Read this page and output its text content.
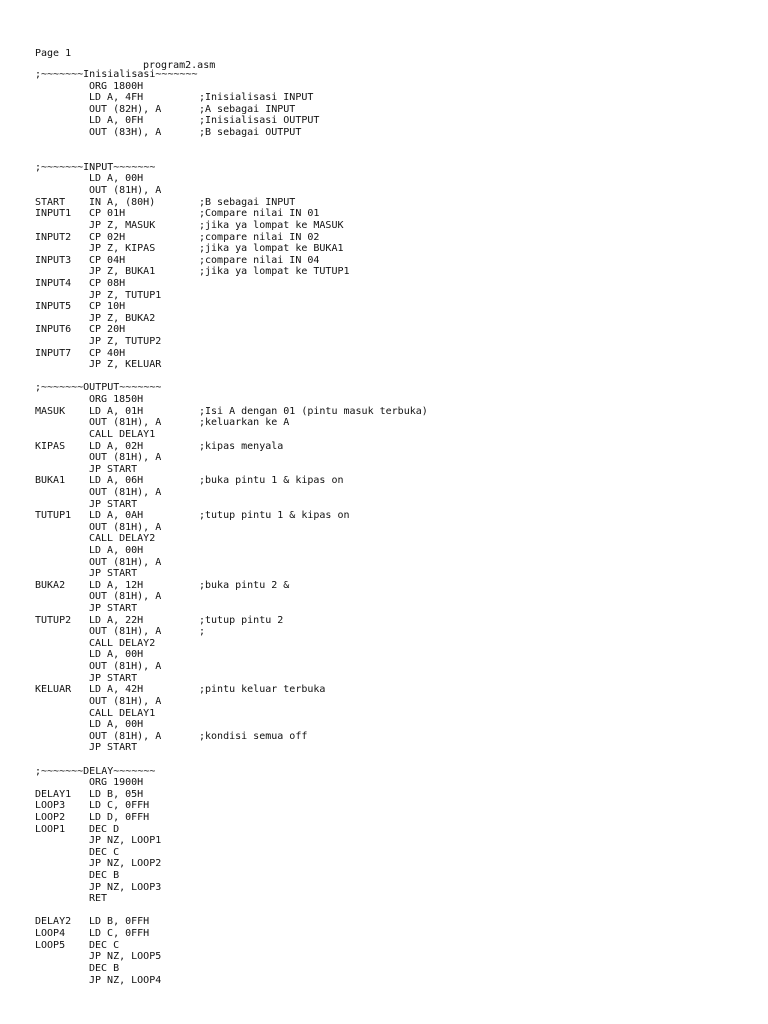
Page 1

program2.asm

;~~~~~~~Inisialisasi~~~~~~~
ORG 1800H
LD A, 4FH	;Inisialisasi INPUT
OUT (82H), A	;A sebagai INPUT
LD A, 0FH	;Inisialisasi OUTPUT
OUT (83H), A	;B sebagai OUTPUT
;~~~~~~~INPUT~~~~~~~
LD A, 00H
OUT (81H), A
START IN A, (80H)	;B sebagai INPUT
INPUT1 CP 01H	;Compare nilai IN 01
JP Z, MASUK	;jika ya lompat ke MASUK
INPUT2 CP 02H	;compare nilai IN 02
JP Z, KIPAS	;jika ya lompat ke BUKA1
INPUT3 CP 04H	;compare nilai IN 04
JP Z, BUKA1	;jika ya lompat ke TUTUP1
INPUT4 CP 08H
JP Z, TUTUP1
INPUT5 CP 10H
JP Z, BUKA2
INPUT6 CP 20H
JP Z, TUTUP2
INPUT7 CP 40H
JP Z, KELUAR
;~~~~~~~OUTPUT~~~~~~~
ORG 1850H
MASUK LD A, 01H	;Isi A dengan 01 (pintu masuk terbuka)
OUT (81H), A	;keluarkan ke A
CALL DELAY1
KIPAS LD A, 02H	;kipas menyala
OUT (81H), A
JP START
BUKA1 LD A, 06H	;buka pintu 1 & kipas on
OUT (81H), A
JP START
TUTUP1 LD A, 0AH	;tutup pintu 1 & kipas on
OUT (81H), A
CALL DELAY2
LD A, 00H
OUT (81H), A
JP START
BUKA2 LD A, 12H	;buka pintu 2 &
OUT (81H), A
JP START
TUTUP2 LD A, 22H	;tutup pintu 2
OUT (81H), A	;
CALL DELAY2
LD A, 00H
OUT (81H), A
JP START
KELUAR LD A, 42H	;pintu keluar terbuka
OUT (81H), A
CALL DELAY1
LD A, 00H
OUT (81H), A	;kondisi semua off
JP START
;~~~~~~~DELAY~~~~~~~
ORG 1900H
DELAY1 LD B, 05H
LOOP3 LD C, 0FFH
LOOP2 LD D, 0FFH
LOOP1 DEC D
JP NZ, LOOP1
DEC C
JP NZ, LOOP2
DEC B
JP NZ, LOOP3
RET
DELAY2 LD B, 0FFH
LOOP4 LD C, 0FFH
LOOP5 DEC C
JP NZ, LOOP5
DEC B
JP NZ, LOOP4
